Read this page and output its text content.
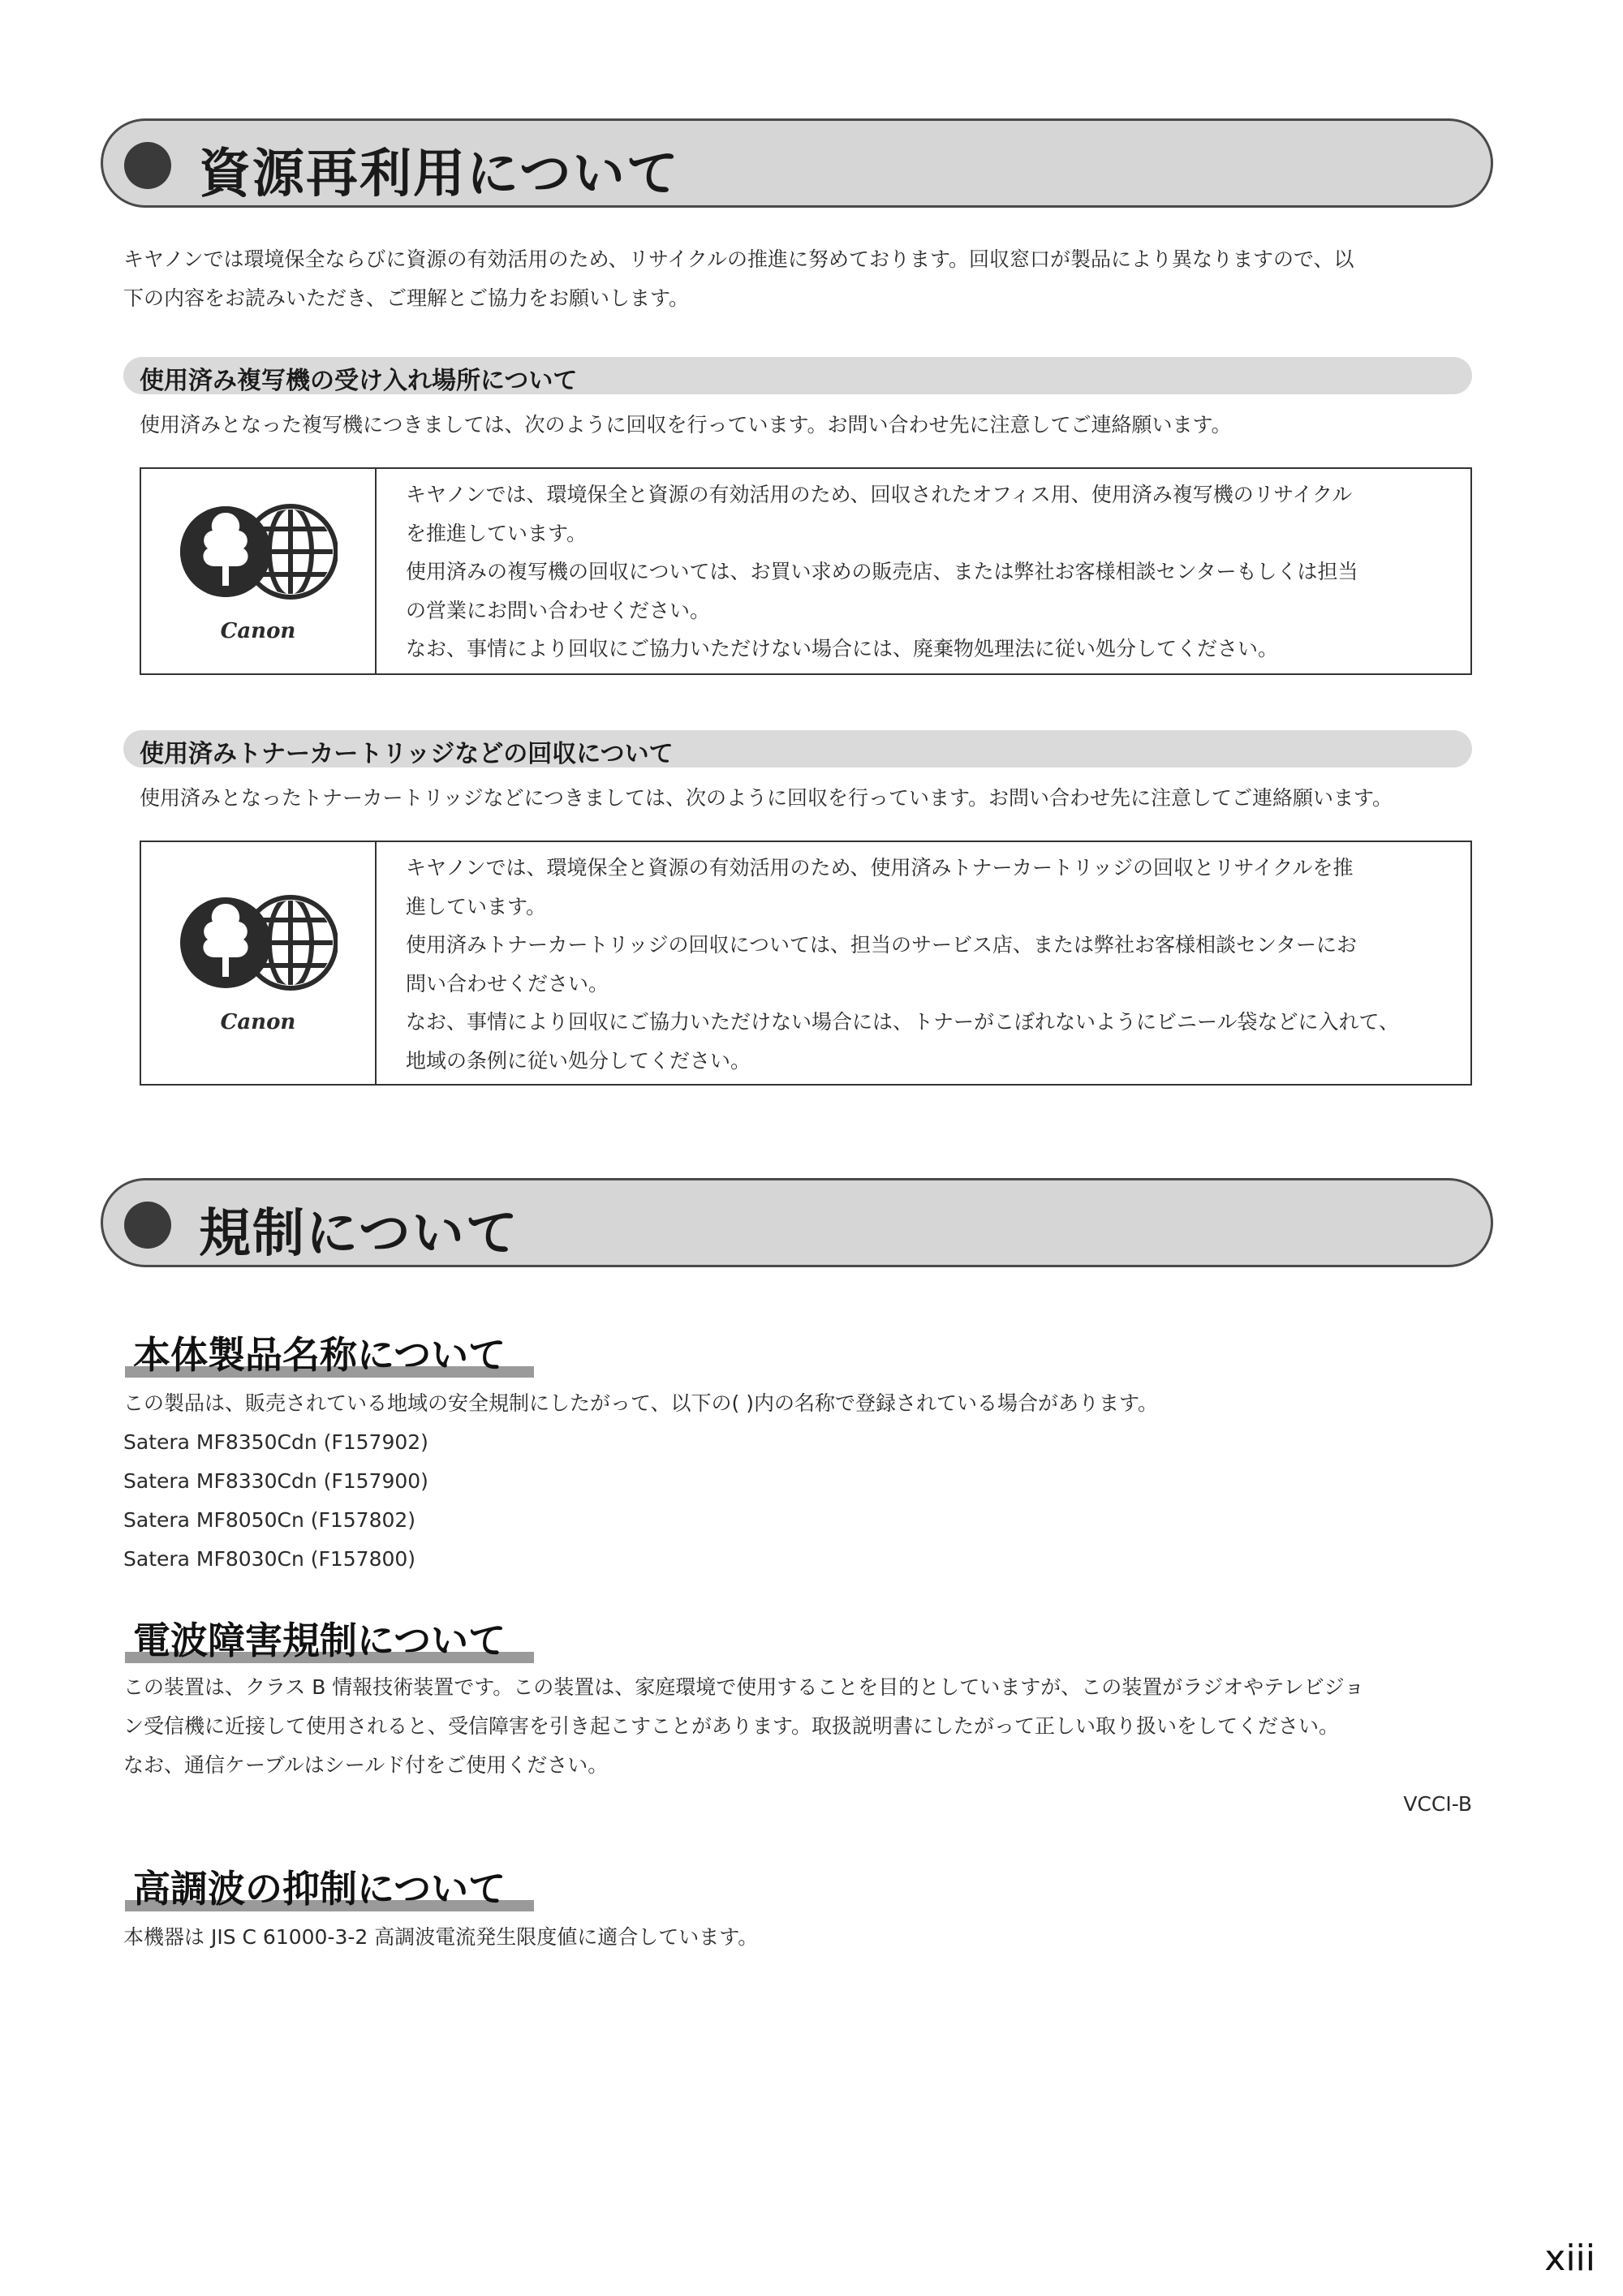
資源再利用について
キヤノンでは環境保全ならびに資源の有効活用のため、リサイクルの推進に努めております。回収窓口が製品により異なりますので、以
下の内容をお読みいただき、ご理解とご協力をお願いします。
使用済み複写機の受け入れ場所について
使用済みとなった複写機につきましては、次のように回収を行っています。お問い合わせ先に注意してご連絡願います。
Canon
キヤノンでは、環境保全と資源の有効活用のため、回収されたオフィス用、使用済み複写機のリサイクル
を推進しています。
使用済みの複写機の回収については、お買い求めの販売店、または弊社お客様相談センターもしくは担当
の営業にお問い合わせください。
なお、事情により回収にご協力いただけない場合には、廃棄物処理法に従い処分してください。
使用済みトナーカートリッジなどの回収について
使用済みとなったトナーカートリッジなどにつきましては、次のように回収を行っています。お問い合わせ先に注意してご連絡願います。
Canon
キヤノンでは、環境保全と資源の有効活用のため、使用済みトナーカートリッジの回収とリサイクルを推
進しています。
使用済みトナーカートリッジの回収については、担当のサービス店、または弊社お客様相談センターにお
問い合わせください。
なお、事情により回収にご協力いただけない場合には、トナーがこぼれないようにビニール袋などに入れて、
地域の条例に従い処分してください。
規制について
本体製品名称について
この製品は、販売されている地域の安全規制にしたがって、以下の( )内の名称で登録されている場合があります。
Satera MF8350Cdn (F157902)
Satera MF8330Cdn (F157900)
Satera MF8050Cn (F157802)
Satera MF8030Cn (F157800)
電波障害規制について
この装置は、クラス B 情報技術装置です。この装置は、家庭環境で使用することを目的としていますが、この装置がラジオやテレビジョ
ン受信機に近接して使用されると、受信障害を引き起こすことがあります。取扱説明書にしたがって正しい取り扱いをしてください。
なお、通信ケーブルはシールド付をご使用ください。
VCCI-B
高調波の抑制について
本機器は JIS C 61000-3-2 高調波電流発生限度値に適合しています。
xiii
